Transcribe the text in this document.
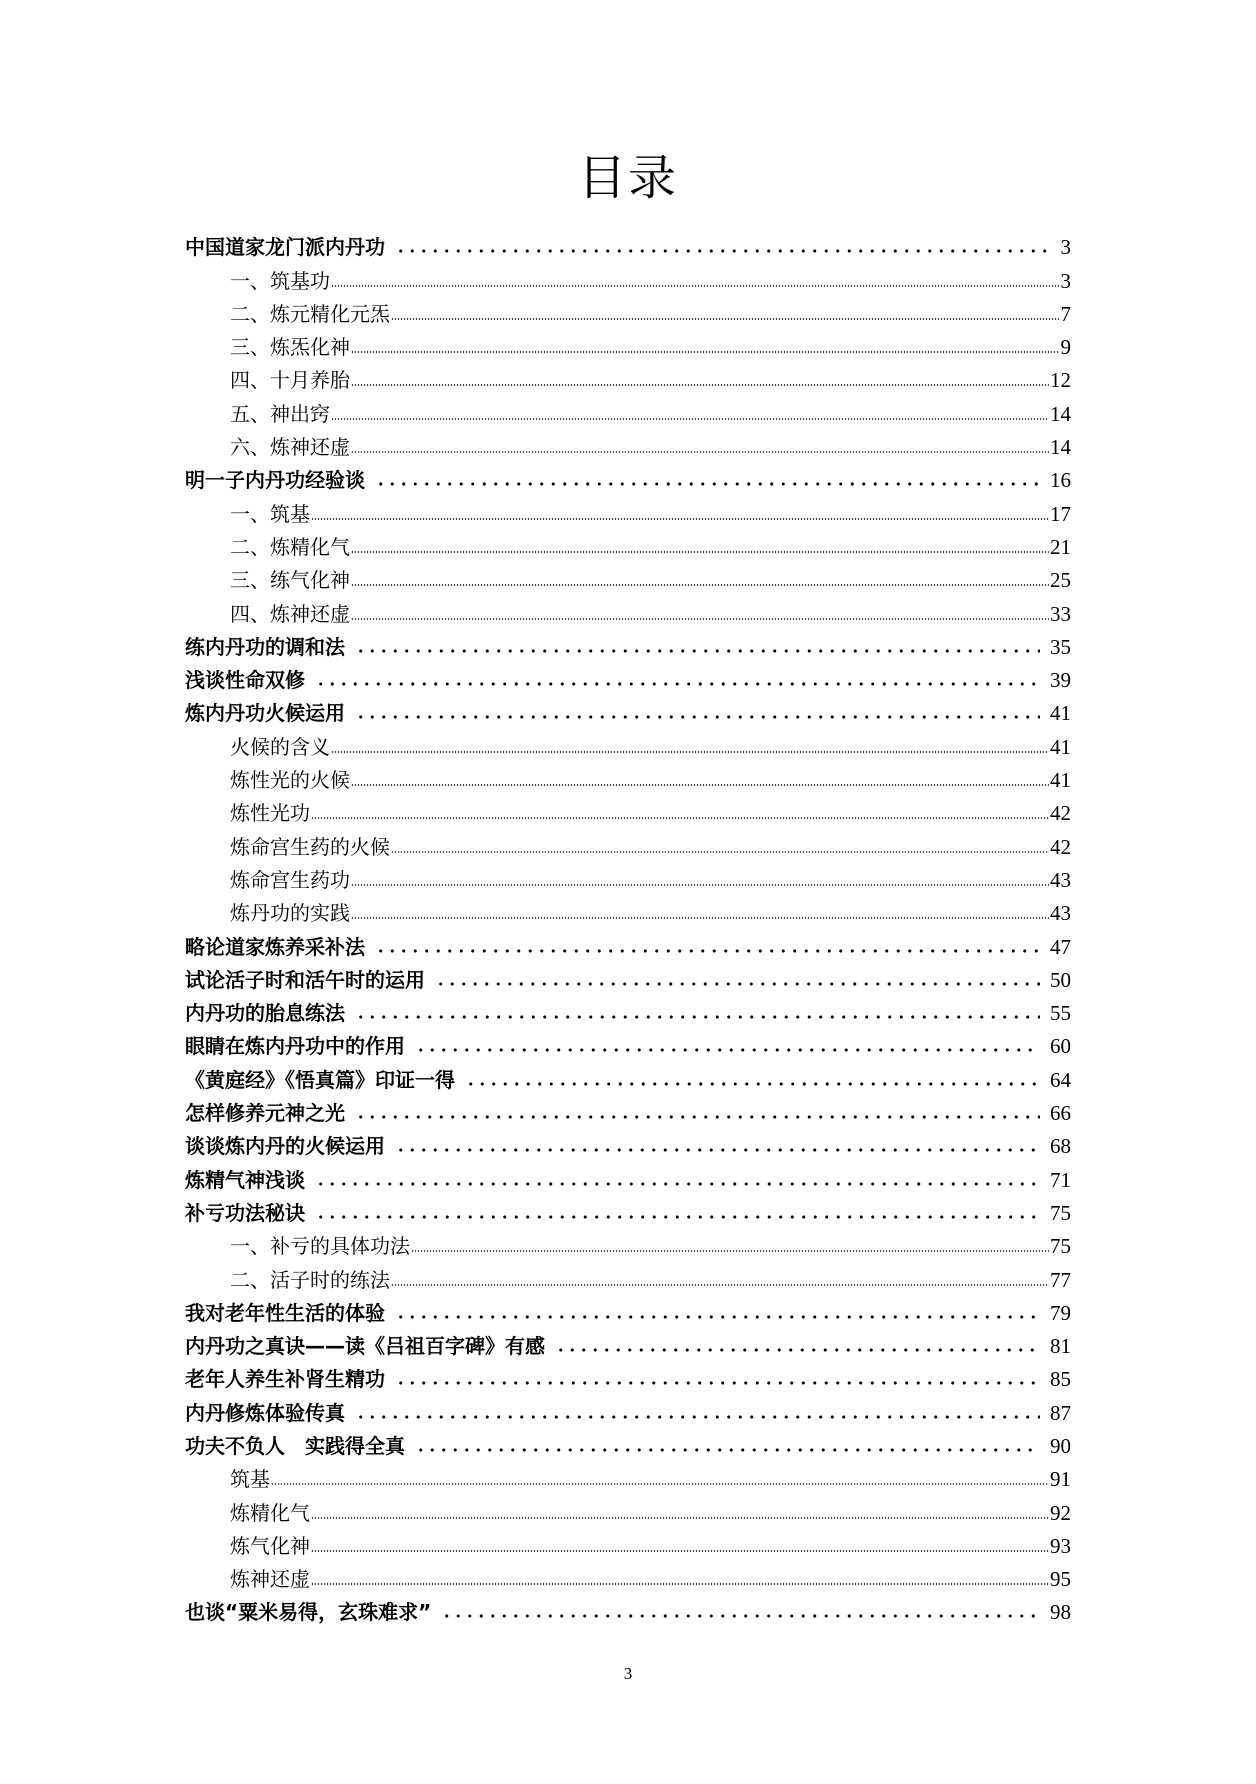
目录
中国道家龙门派内丹功	3
一、筑基功	3
二、炼元精化元炁	7
三、炼炁化神	9
四、十月养胎	12
五、神出窍	14
六、炼神还虚	14
明一子内丹功经验谈	16
一、筑基	17
二、炼精化气	21
三、练气化神	25
四、炼神还虚	33
练内丹功的调和法	35
浅谈性命双修	39
炼内丹功火候运用	41
火候的含义	41
炼性光的火候	41
炼性光功	42
炼命宫生药的火候	42
炼命宫生药功	43
炼丹功的实践	43
略论道家炼养采补法	47
试论活子时和活午时的运用	50
内丹功的胎息练法	55
眼睛在炼内丹功中的作用	60
《黄庭经》《悟真篇》印证一得	64
怎样修养元神之光	66
谈谈炼内丹的火候运用	68
炼精气神浅谈	71
补亏功法秘诀	75
一、补亏的具体功法	75
二、活子时的练法	77
我对老年性生活的体验	79
内丹功之真诀——读《吕祖百字碑》有感	81
老年人养生补肾生精功	85
内丹修炼体验传真	87
功夫不负人　实践得全真	90
筑基	91
炼精化气	92
炼气化神	93
炼神还虚	95
也谈“粟米易得，玄珠难求”	98
3
